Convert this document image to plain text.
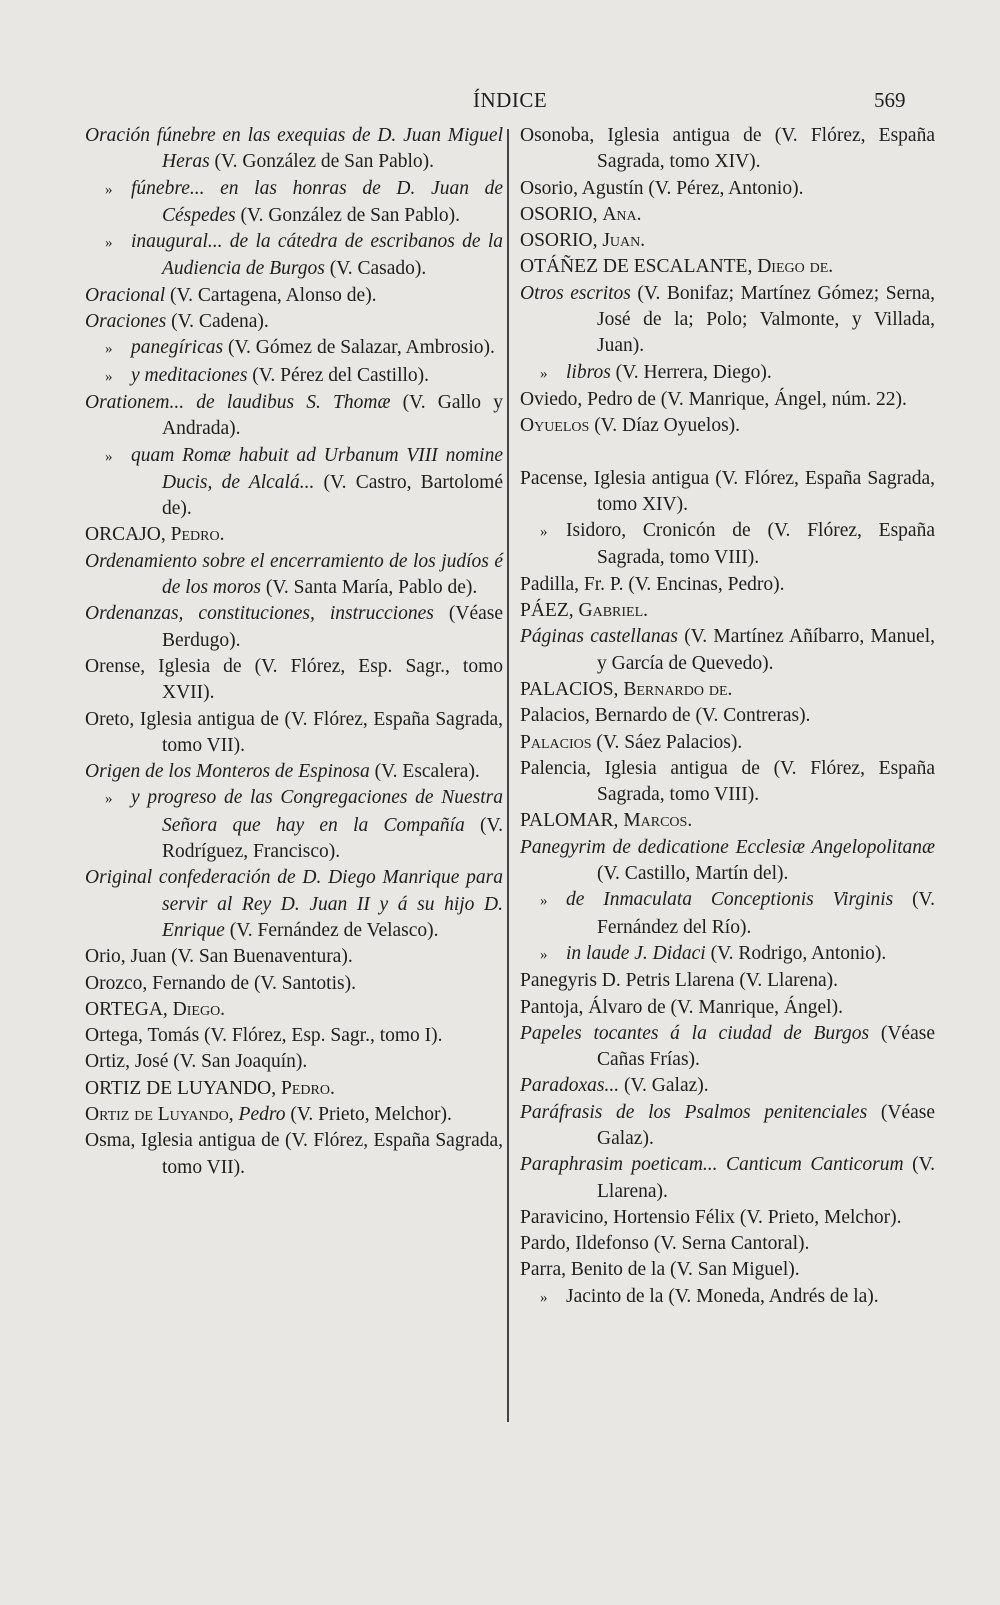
ÍNDICE	569

Oración fúnebre en las exequias de D. Juan Miguel Heras (V. González de San Pablo).

» fúnebre... en las honras de D. Juan de Céspedes (V. González de San Pablo).

» inaugural... de la cátedra de escribanos de la Audiencia de Burgos (V. Casado).

Oracional (V. Cartagena, Alonso de).

Oraciones (V. Cadena).

» panegíricas (V. Gómez de Salazar, Ambrosio).

» y meditaciones (V. Pérez del Castillo).

Orationem... de laudibus S. Thomæ (V. Gallo y Andrada).

» quam Romæ habuit ad Urbanum VIII nomine Ducis, de Alcalá... (V. Castro, Bartolomé de).

ORCAJO, Pedro.

Ordenamiento sobre el encerramiento de los judíos é de los moros (V. Santa María, Pablo de).

Ordenanzas, constituciones, instrucciones (Véase Berdugo).

Orense, Iglesia de (V. Flórez, Esp. Sagr., tomo XVII).

Oreto, Iglesia antigua de (V. Flórez, España Sagrada, tomo VII).

Origen de los Monteros de Espinosa (V. Escalera).

» y progreso de las Congregaciones de Nuestra Señora que hay en la Compañía (V. Rodríguez, Francisco).

Original confederación de D. Diego Manrique para servir al Rey D. Juan II y á su hijo D. Enrique (V. Fernández de Velasco).

Orio, Juan (V. San Buenaventura).

Orozco, Fernando de (V. Santotis).

ORTEGA, Diego.

Ortega, Tomás (V. Flórez, Esp. Sagr., tomo I).

Ortiz, José (V. San Joaquín).

ORTIZ DE LUYANDO, Pedro.

Ortiz de Luyando, Pedro (V. Prieto, Melchor).

Osma, Iglesia antigua de (V. Flórez, España Sagrada, tomo VII).

Osonoba, Iglesia antigua de (V. Flórez, España Sagrada, tomo XIV).

Osorio, Agustín (V. Pérez, Antonio).

OSORIO, Ana.

OSORIO, Juan.

OTÁÑEZ DE ESCALANTE, Diego de.

Otros escritos (V. Bonifaz; Martínez Gómez; Serna, José de la; Polo; Valmonte, y Villada, Juan).

» libros (V. Herrera, Diego).

Oviedo, Pedro de (V. Manrique, Ángel, núm. 22).

Oyuelos (V. Díaz Oyuelos).

Pacense, Iglesia antigua (V. Flórez, España Sagrada, tomo XIV).

» Isidoro, Cronicón de (V. Flórez, España Sagrada, tomo VIII).

Padilla, Fr. P. (V. Encinas, Pedro).

PÁEZ, Gabriel.

Páginas castellanas (V. Martínez Añíbarro, Manuel, y García de Quevedo).

PALACIOS, Bernardo de.

Palacios, Bernardo de (V. Contreras).

Palacios (V. Sáez Palacios).

Palencia, Iglesia antigua de (V. Flórez, España Sagrada, tomo VIII).

PALOMAR, Marcos.

Panegyrim de dedicatione Ecclesiæ Angelopolitanæ (V. Castillo, Martín del).

» de Inmaculata Conceptionis Virginis (V. Fernández del Río).

» in laude J. Didaci (V. Rodrigo, Antonio).

Panegyris D. Petris Llarena (V. Llarena).

Pantoja, Álvaro de (V. Manrique, Ángel).

Papeles tocantes á la ciudad de Burgos (Véase Cañas Frías).

Paradoxas... (V. Galaz).

Paráfrasis de los Psalmos penitenciales (Véase Galaz).

Paraphrasim poeticam... Canticum Canticorum (V. Llarena).

Paravicino, Hortensio Félix (V. Prieto, Melchor).

Pardo, Ildefonso (V. Serna Cantoral).

Parra, Benito de la (V. San Miguel).

» Jacinto de la (V. Moneda, Andrés de la).
